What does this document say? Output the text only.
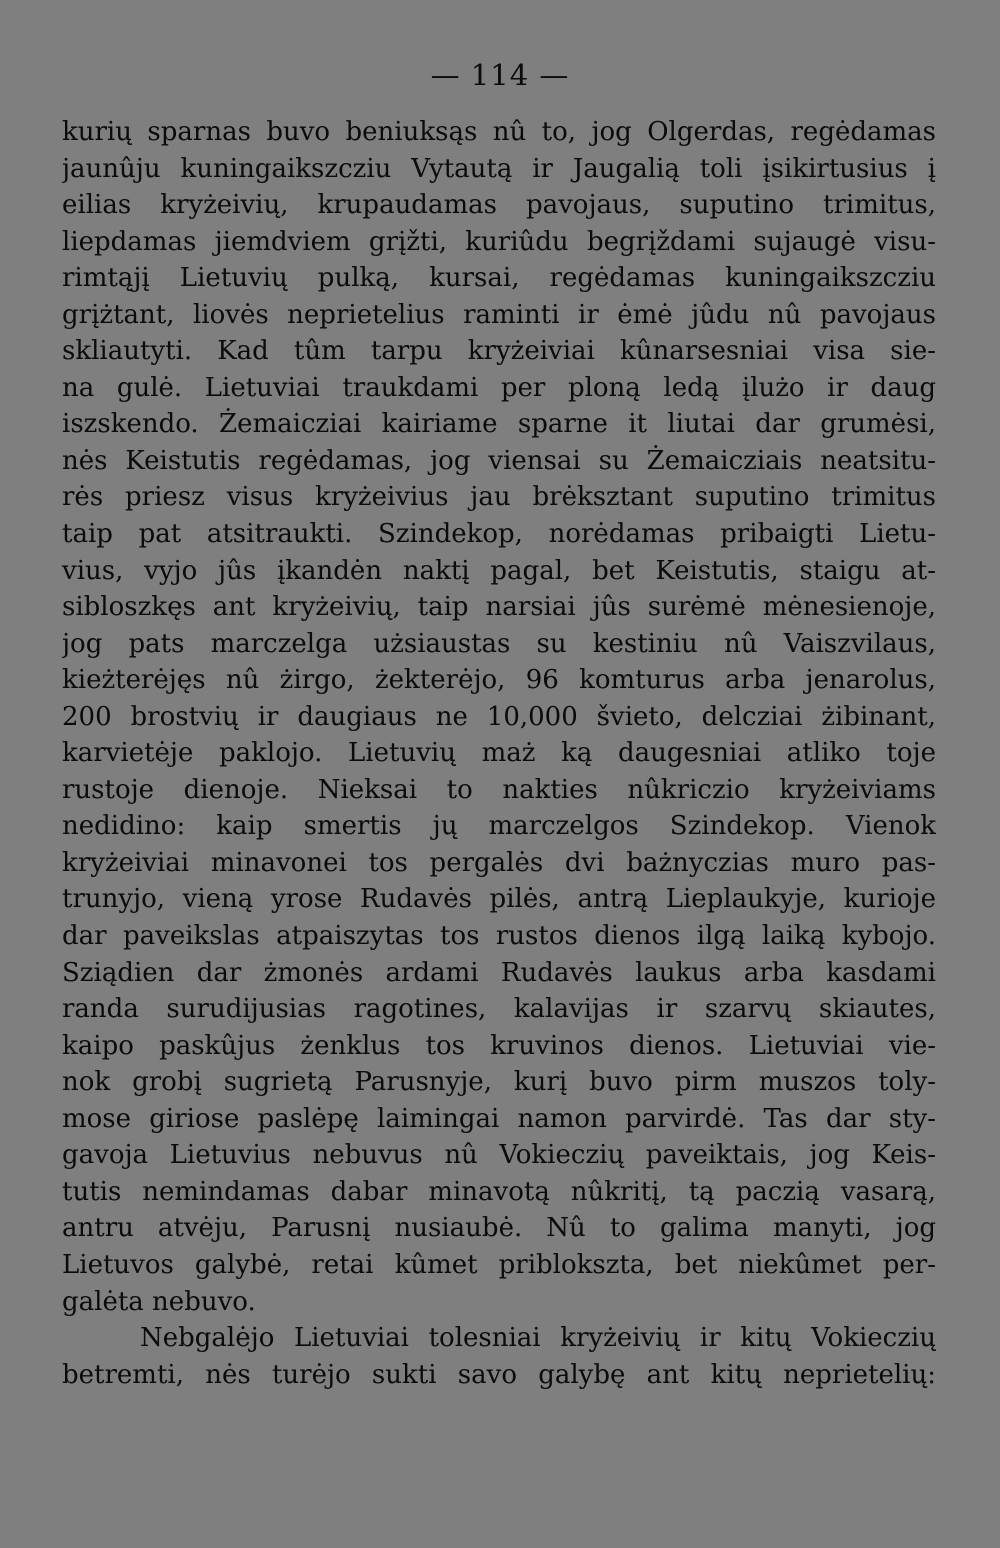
— 114 —
kurių sparnas buvo beniuksąs nû to, jog Olgerdas, regėdamas
jaunûju kuningaikszcziu Vytautą ir Jaugalią toli įsikirtusius į
eilias kryżeivių, krupaudamas pavojaus, suputino trimitus,
liepdamas jiemdviem grįžti, kuriûdu begrįždami sujaugė visu-
rimtąjį Lietuvių pulką, kursai, regėdamas kuningaikszcziu
grįżtant, liovės neprietelius raminti ir ėmė jûdu nû pavojaus
skliautyti. Kad tûm tarpu kryżeiviai kûnarsesniai visa sie-
na gulė. Lietuviai traukdami per ploną ledą įlużo ir daug
iszskendo. Żemaicziai kairiame sparne it liutai dar grumėsi,
nės Keistutis regėdamas, jog viensai su Żemaicziais neatsitu-
rės priesz visus kryżeivius jau brėksztant suputino trimitus
taip pat atsitraukti. Szindekop, norėdamas pribaigti Lietu-
vius, vyjo jûs įkandėn naktį pagal, bet Keistutis, staigu at-
sibloszkęs ant kryżeivių, taip narsiai jûs surėmė mėnesienoje,
jog pats marczelga użsiaustas su kestiniu nû Vaiszvilaus,
kieżterėjęs nû żirgo, żekterėjo, 96 komturus arba jenarolus,
200 brostvių ir daugiaus ne 10,000 švieto, delcziai żibinant,
karvietėje paklojo. Lietuvių maż ką daugesniai atliko toje
rustoje dienoje. Nieksai to nakties nûkriczio kryżeiviams
nedidino: kaip smertis jų marczelgos Szindekop. Vienok
kryżeiviai minavonei tos pergalės dvi bażnyczias muro pas-
trunyjo, vieną yrose Rudavės pilės, antrą Lieplaukyje, kurioje
dar paveikslas atpaiszytas tos rustos dienos ilgą laiką kybojo.
Sziądien dar żmonės ardami Rudavės laukus arba kasdami
randa surudijusias ragotines, kalavijas ir szarvų skiautes,
kaipo paskûjus żenklus tos kruvinos dienos. Lietuviai vie-
nok grobį sugrietą Parusnyje, kurį buvo pirm muszos toly-
mose giriose paslėpę laimingai namon parvirdė. Tas dar sty-
gavoja Lietuvius nebuvus nû Vokieczių paveiktais, jog Keis-
tutis nemindamas dabar minavotą nûkritį, tą paczią vasarą,
antru atvėju, Parusnį nusiaubė. Nû to galima manyti, jog
Lietuvos galybė, retai kûmet priblokszta, bet niekûmet per-
galėta nebuvo.
Nebgalėjo Lietuviai tolesniai kryżeivių ir kitų Vokieczių
betremti, nės turėjo sukti savo galybę ant kitų neprietelių:
